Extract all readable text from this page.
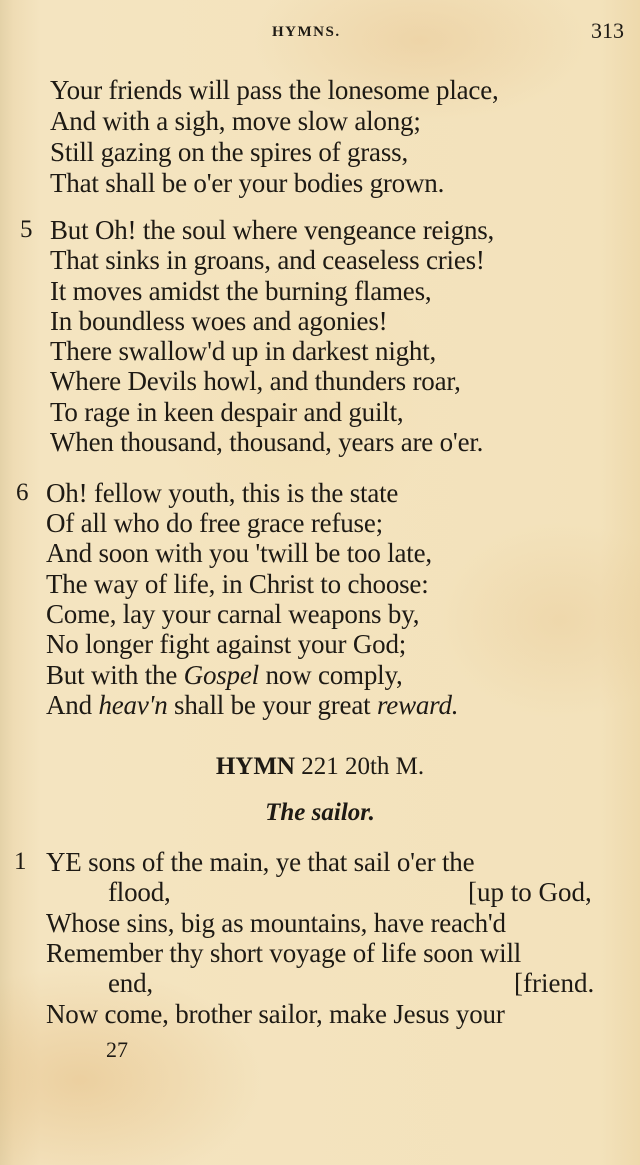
HYMNS.	313
Your friends will pass the lonesome place,
And with a sigh, move slow along;
Still gazing on the spires of grass,
That shall be o'er your bodies grown.
5 But Oh! the soul where vengeance reigns,
That sinks in groans, and ceaseless cries!
It moves amidst the burning flames,
In boundless woes and agonies!
There swallow'd up in darkest night,
Where Devils howl, and thunders roar,
To rage in keen despair and guilt,
When thousand, thousand, years are o'er.
6 Oh! fellow youth, this is the state
Of all who do free grace refuse;
And soon with you 'twill be too late,
The way of life, in Christ to choose:
Come, lay your carnal weapons by,
No longer fight against your God;
But with the Gospel now comply,
And heav'n shall be your great reward.
HYMN 221 20th M.
The sailor.
1 YE sons of the main, ye that sail o'er the
flood,	[up to God,
Whose sins, big as mountains, have reach'd
Remember thy short voyage of life soon will
end,	[friend.
Now come, brother sailor, make Jesus your
27
